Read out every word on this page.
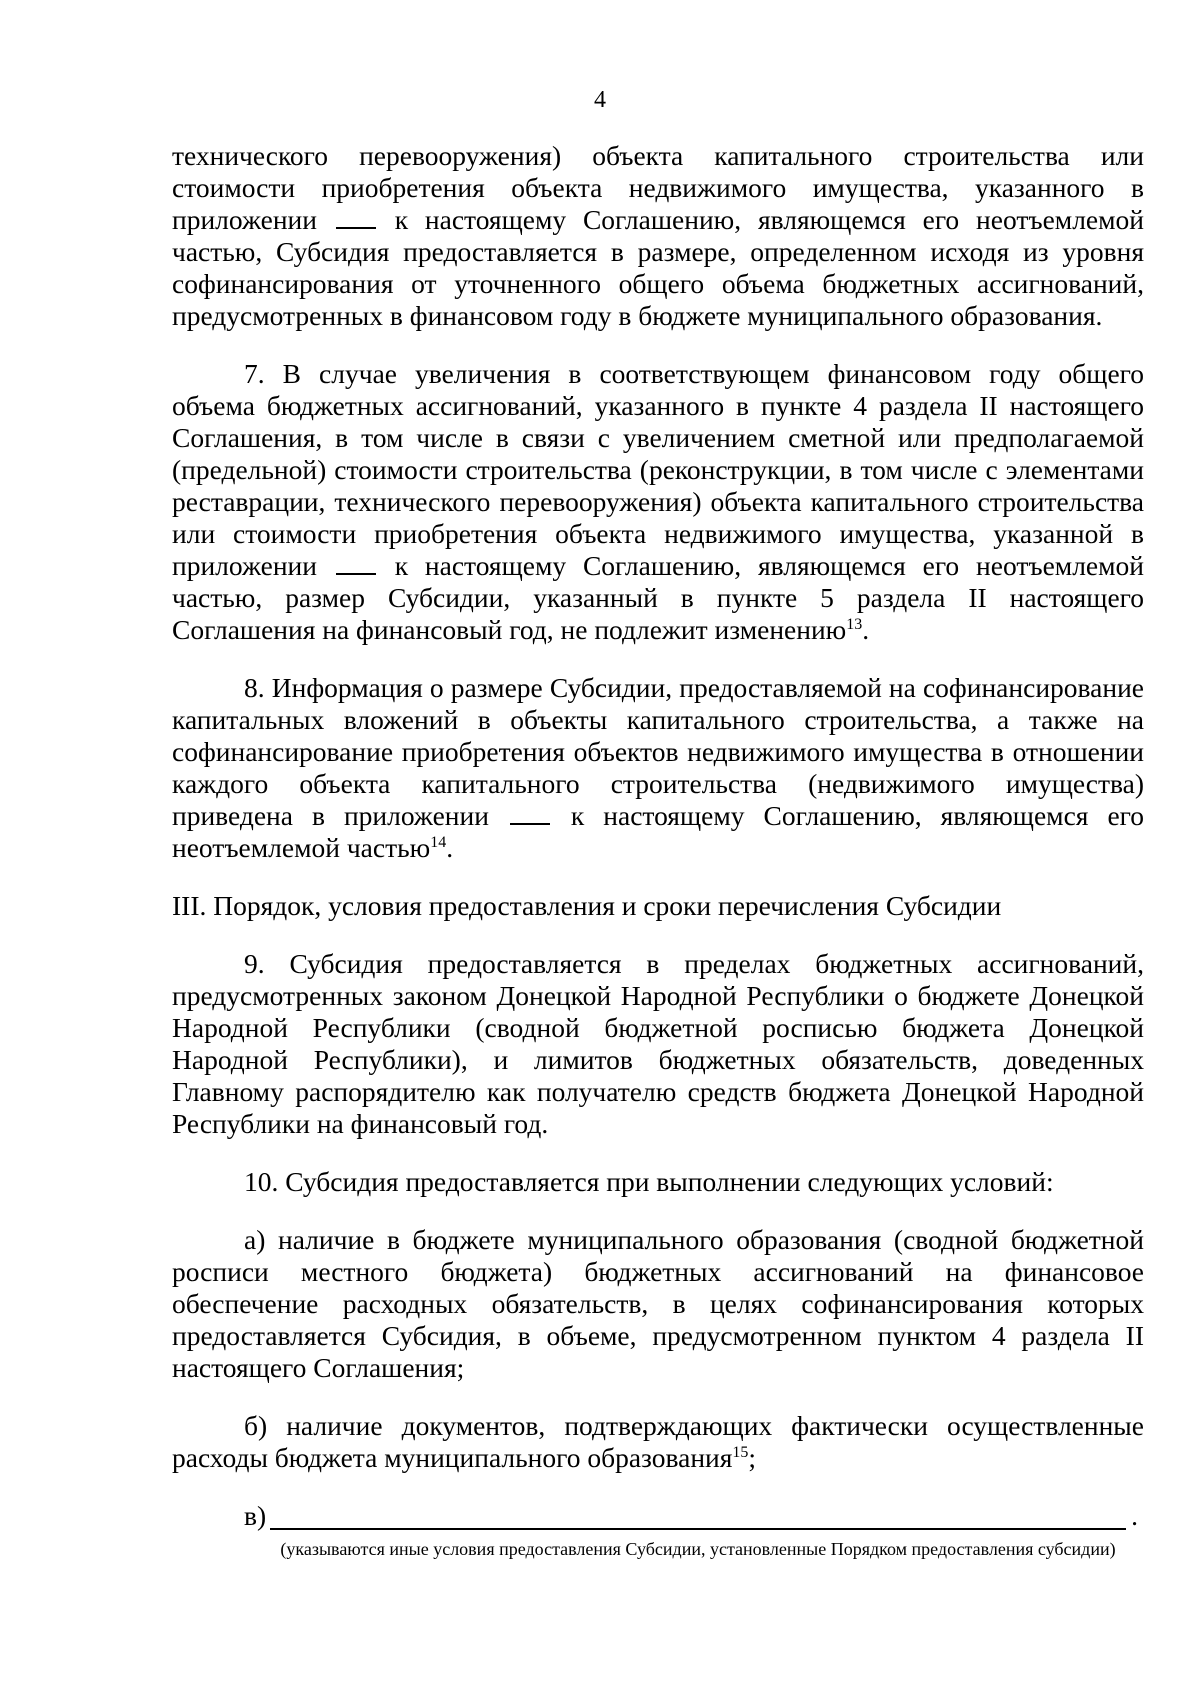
4

технического перевооружения) объекта капитального строительства или стоимости приобретения объекта недвижимого имущества, указанного в приложении	к настоящему Соглашению, являющемся его неотъемлемой частью, Субсидия предоставляется в размере, определенном исходя из уровня софинансирования от уточненного общего объема бюджетных ассигнований, предусмотренных в финансовом году в бюджете муниципального образования.

7. В случае увеличения в соответствующем финансовом году общего объема бюджетных ассигнований, указанного в пункте 4 раздела II настоящего Соглашения, в том числе в связи с увеличением сметной или предполагаемой (предельной) стоимости строительства (реконструкции, в том числе с элементами реставрации, технического перевооружения) объекта капитального строительства или стоимости приобретения объекта недвижимого имущества, указанной в приложении	к настоящему Соглашению, являющемся его неотъемлемой частью, размер Субсидии, указанный в пункте 5 раздела II настоящего Соглашения на финансовый год, не подлежит изменению$^{13}$.

8. Информация о размере Субсидии, предоставляемой на софинансирование капитальных вложений в объекты капитального строительства, а также на софинансирование приобретения объектов недвижимого имущества в отношении каждого объекта капитального строительства (недвижимого имущества) приведена в приложении	к настоящему Соглашению, являющемся его неотъемлемой частью$^{14}$.

III. Порядок, условия предоставления и сроки перечисления Субсидии

9. Субсидия предоставляется в пределах бюджетных ассигнований, предусмотренных законом Донецкой Народной Республики о бюджете Донецкой Народной Республики (сводной бюджетной росписью бюджета Донецкой Народной Республики), и лимитов бюджетных обязательств, доведенных Главному распорядителю как получателю средств бюджета Донецкой Народной Республики на финансовый год.

10. Субсидия предоставляется при выполнении следующих условий:

а) наличие в бюджете муниципального образования (сводной бюджетной росписи местного бюджета) бюджетных ассигнований на финансовое обеспечение расходных обязательств, в целях софинансирования которых предоставляется Субсидия, в объеме, предусмотренном пунктом 4 раздела II настоящего Соглашения;

б) наличие документов, подтверждающих фактически осуществленные расходы бюджета муниципального образования$^{15}$;

в)	.
(указываются иные условия предоставления Субсидии, установленные Порядком предоставления субсидии)
